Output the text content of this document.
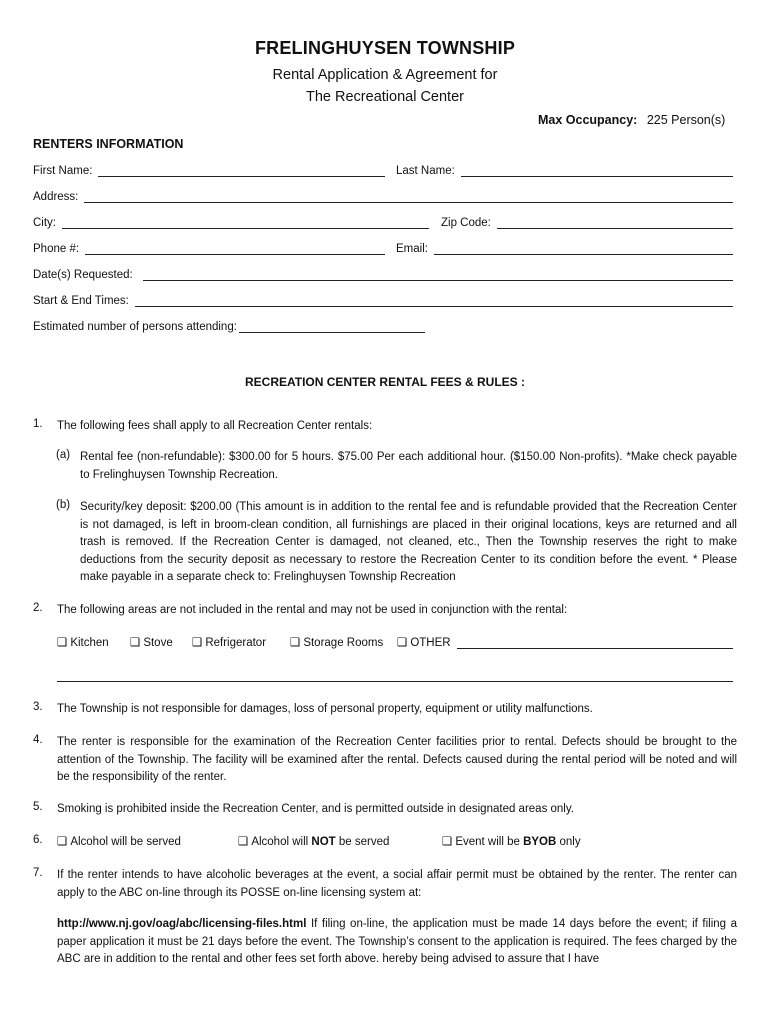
FRELINGHUYSEN TOWNSHIP
Rental Application & Agreement for
The Recreational Center
Max Occupancy: 225 Person(s)
RENTERS INFORMATION
First Name:	Last Name:
Address:
City:	Zip Code:
Phone #:	Email:
Date(s) Requested:
Start & End Times:
Estimated number of persons attending:
RECREATION CENTER RENTAL FEES & RULES :
1. The following fees shall apply to all Recreation Center rentals:
(a) Rental fee (non-refundable): $300.00 for 5 hours. $75.00 Per each additional hour. ($150.00 Non-profits). *Make check payable to Frelinghuysen Township Recreation.
(b) Security/key deposit: $200.00 (This amount is in addition to the rental fee and is refundable provided that the Recreation Center is not damaged, is left in broom-clean condition, all furnishings are placed in their original locations, keys are returned and all trash is removed. If the Recreation Center is damaged, not cleaned, etc., Then the Township reserves the right to make deductions from the security deposit as necessary to restore the Recreation Center to its condition before the event. * Please make payable in a separate check to: Frelinghuysen Township Recreation
2. The following areas are not included in the rental and may not be used in conjunction with the rental:
❑ Kitchen ❑ Stove ❑ Refrigerator ❑ Storage Rooms ❑ OTHER
3. The Township is not responsible for damages, loss of personal property, equipment or utility malfunctions.
4. The renter is responsible for the examination of the Recreation Center facilities prior to rental. Defects should be brought to the attention of the Township. The facility will be examined after the rental. Defects caused during the rental period will be noted and will be the responsibility of the renter.
5. Smoking is prohibited inside the Recreation Center, and is permitted outside in designated areas only.
6. ❑ Alcohol will be served	❑ Alcohol will NOT be served	❑ Event will be BYOB only
7. If the renter intends to have alcoholic beverages at the event, a social affair permit must be obtained by the renter. The renter can apply to the ABC on-line through its POSSE on-line licensing system at:
http://www.nj.gov/oag/abc/licensing-files.html If filing on-line, the application must be made 14 days before the event; if filing a paper application it must be 21 days before the event. The Township’s consent to the application is required. The fees charged by the ABC are in addition to the rental and other fees set forth above. hereby being advised to assure that I have
